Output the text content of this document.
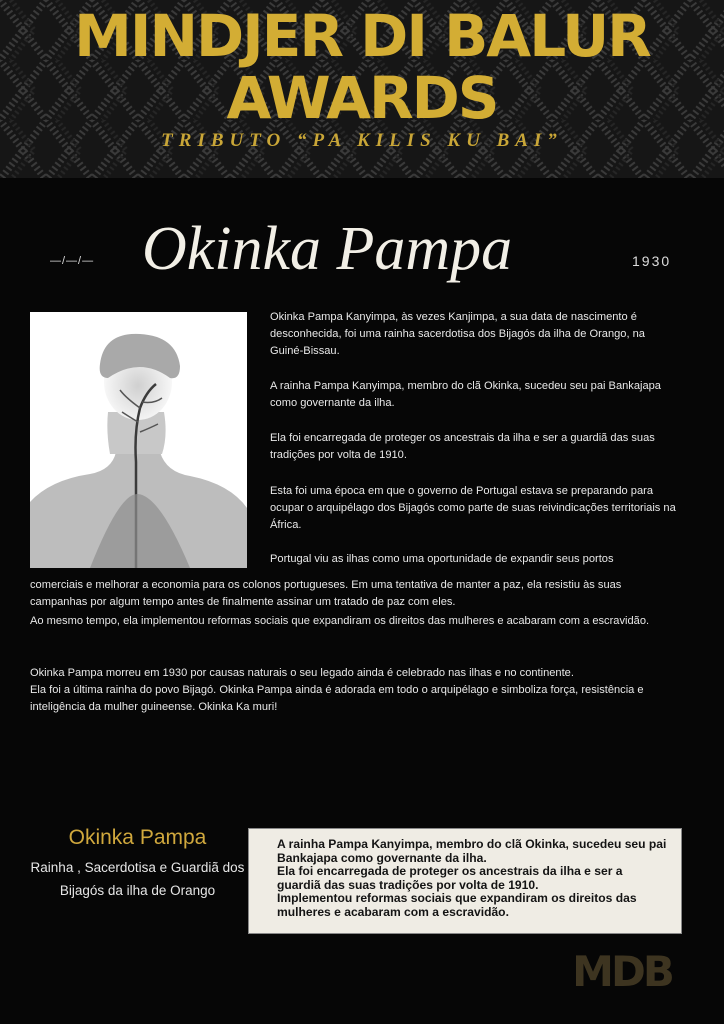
MINDJER DI BALUR
AWARDS
TRIBUTO “PA KILIS KU BAI”
—/—/— Okinka Pampa	1930

Okinka Pampa Kanyimpa, às vezes Kanjimpa, a sua data de nascimento é desconhecida, foi uma rainha sacerdotisa dos Bijagós da ilha de Orango, na Guiné-Bissau.

A rainha Pampa Kanyimpa, membro do clã Okinka, sucedeu seu pai Bankajapa como governante da ilha.

Ela foi encarregada de proteger os ancestrais da ilha e ser a guardiã das suas tradições por volta de 1910.

Esta foi uma época em que o governo de Portugal estava se preparando para ocupar o arquipélago dos Bijagós como parte de suas reivindicações territoriais na África.

Portugal viu as ilhas como uma oportunidade de expandir seus portos

comerciais e melhorar a economia para os colonos portugueses. Em uma tentativa de manter a paz, ela resistiu às suas campanhas por algum tempo antes de finalmente assinar um tratado de paz com eles.

Ao mesmo tempo, ela implementou reformas sociais que expandiram os direitos das mulheres e acabaram com a escravidão.

Okinka Pampa morreu em 1930 por causas naturais o seu legado ainda é celebrado nas ilhas e no continente.

Ela foi a última rainha do povo Bijagó. Okinka Pampa ainda é adorada em todo o arquipélago e simboliza força, resistência e inteligência da mulher guineense. Okinka Ka muri!

Okinka Pampa
Rainha , Sacerdotisa e Guardiã dos Bijagós da ilha de Orango
A rainha Pampa Kanyimpa, membro do clã Okinka, sucedeu seu pai Bankajapa como governante da ilha.
Ela foi encarregada de proteger os ancestrais da ilha e ser a guardiã das suas tradições por volta de 1910.
Implementou reformas sociais que expandiram os direitos das mulheres e acabaram com a escravidão.
MDB
